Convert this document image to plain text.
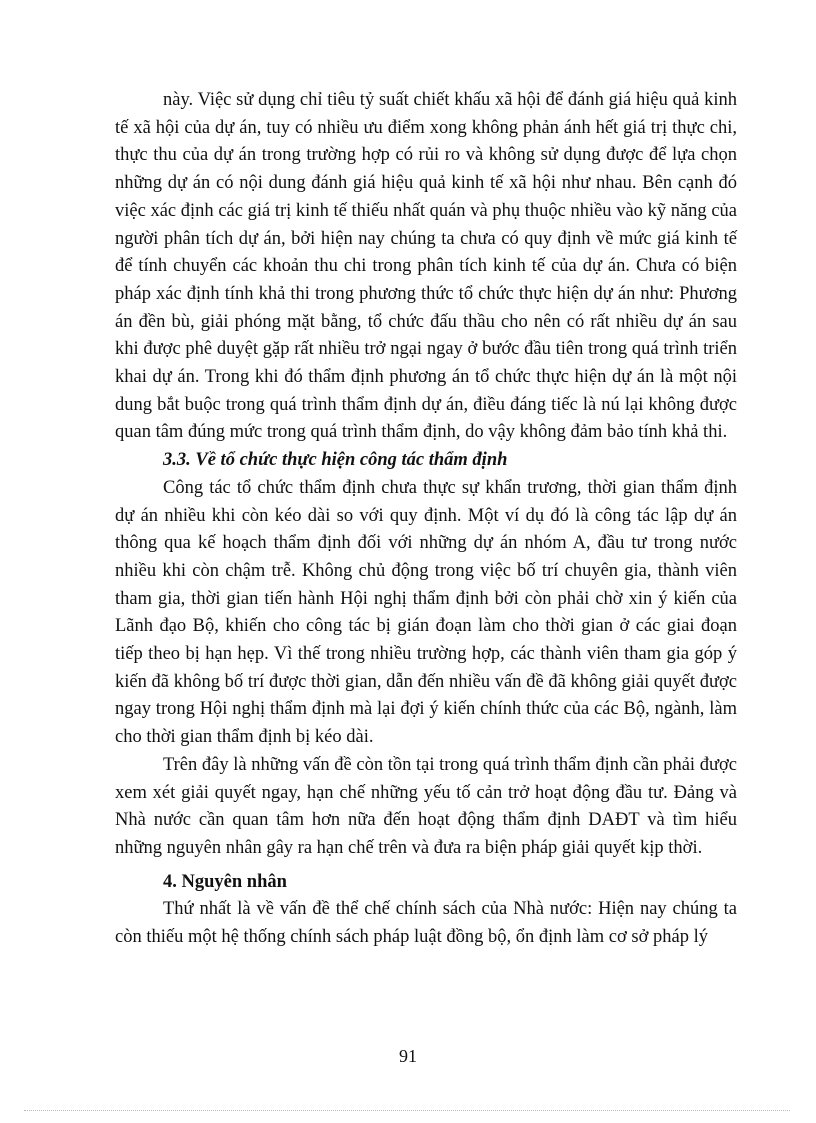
này. Việc sử dụng chỉ tiêu tỷ suất chiết khấu xã hội để đánh giá hiệu quả kinh tế xã hội của dự án, tuy có nhiều ưu điểm xong không phản ánh hết giá trị thực chi, thực thu của dự án trong trường hợp có rủi ro và không sử dụng được để lựa chọn những dự án có nội dung đánh giá hiệu quả kinh tế xã hội như nhau. Bên cạnh đó việc xác định các giá trị kinh tế thiếu nhất quán và phụ thuộc nhiều vào kỹ năng của người phân tích dự án, bởi hiện nay chúng ta chưa có quy định về mức giá kinh tế để tính chuyển các khoản thu chi trong phân tích kinh tế của dự án. Chưa có biện pháp xác định tính khả thi trong phương thức tổ chức thực hiện dự án như: Phương án đền bù, giải phóng mặt bằng, tổ chức đấu thầu cho nên có rất nhiều dự án sau khi được phê duyệt gặp rất nhiều trở ngại ngay ở bước đầu tiên trong quá trình triển khai dự án. Trong khi đó thẩm định phương án tổ chức thực hiện dự án là một nội dung bắt buộc trong quá trình thẩm định dự án, điều đáng tiếc là nú lại không được quan tâm đúng mức trong quá trình thẩm định, do vậy không đảm bảo tính khả thi.

3.3. Về tổ chức thực hiện công tác thẩm định

Công tác tổ chức thẩm định chưa thực sự khẩn trương, thời gian thẩm định dự án nhiều khi còn kéo dài so với quy định. Một ví dụ đó là công tác lập dự án thông qua kế hoạch thẩm định đối với những dự án nhóm A, đầu tư trong nước nhiều khi còn chậm trễ. Không chủ động trong việc bố trí chuyên gia, thành viên tham gia, thời gian tiến hành Hội nghị thẩm định bởi còn phải chờ xin ý kiến của Lãnh đạo Bộ, khiến cho công tác bị gián đoạn làm cho thời gian ở các giai đoạn tiếp theo bị hạn hẹp. Vì thế trong nhiều trường hợp, các thành viên tham gia góp ý kiến đã không bố trí được thời gian, dẫn đến nhiều vấn đề đã không giải quyết được ngay trong Hội nghị thẩm định mà lại đợi ý kiến chính thức của các Bộ, ngành, làm cho thời gian thẩm định bị kéo dài.

Trên đây là những vấn đề còn tồn tại trong quá trình thẩm định cần phải được xem xét giải quyết ngay, hạn chế những yếu tố cản trở hoạt động đầu tư. Đảng và Nhà nước cần quan tâm hơn nữa đến hoạt động thẩm định DAĐT và tìm hiểu những nguyên nhân gây ra hạn chế trên và đưa ra biện pháp giải quyết kịp thời.

4. Nguyên nhân

Thứ nhất là về vấn đề thể chế chính sách của Nhà nước: Hiện nay chúng ta còn thiếu một hệ thống chính sách pháp luật đồng bộ, ổn định làm cơ sở pháp lý

91
